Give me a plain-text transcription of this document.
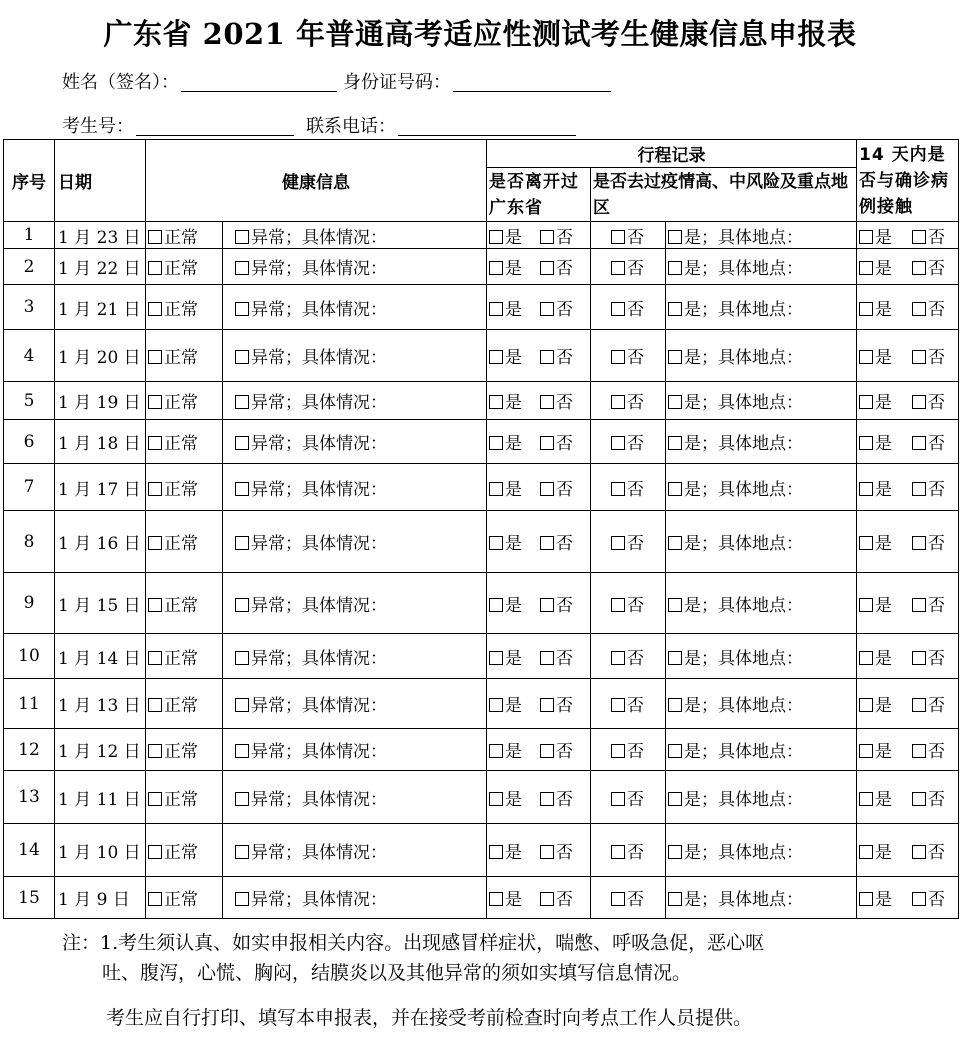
广东省 2021 年普通高考适应性测试考生健康信息申报表
姓名（签名）：	身份证号码：
考生号：	联系电话：
序号	日期	健康信息		行程记录			14 天内是否与确诊病例接触
				是否离开过广东省	是否去过疫情高、中风险及重点地区		
1	1 月 23 日	正常	异常；具体情况：	是 否	否	是；具体地点：	是 否
2	1 月 22 日	正常	异常；具体情况：	是 否	否	是；具体地点：	是 否
3	1 月 21 日	正常	异常；具体情况：	是 否	否	是；具体地点：	是 否
4	1 月 20 日	正常	异常；具体情况：	是 否	否	是；具体地点：	是 否
5	1 月 19 日	正常	异常；具体情况：	是 否	否	是；具体地点：	是 否
6	1 月 18 日	正常	异常；具体情况：	是 否	否	是；具体地点：	是 否
7	1 月 17 日	正常	异常；具体情况：	是 否	否	是；具体地点：	是 否
8	1 月 16 日	正常	异常；具体情况：	是 否	否	是；具体地点：	是 否
9	1 月 15 日	正常	异常；具体情况：	是 否	否	是；具体地点：	是 否
10	1 月 14 日	正常	异常；具体情况：	是 否	否	是；具体地点：	是 否
11	1 月 13 日	正常	异常；具体情况：	是 否	否	是；具体地点：	是 否
12	1 月 12 日	正常	异常；具体情况：	是 否	否	是；具体地点：	是 否
13	1 月 11 日	正常	异常；具体情况：	是 否	否	是；具体地点：	是 否
14	1 月 10 日	正常	异常；具体情况：	是 否	否	是；具体地点：	是 否
15	1 月 9 日	正常	异常；具体情况：	是 否	否	是；具体地点：	是 否
注：1.考生须认真、如实申报相关内容。出现感冒样症状，喘憋、呼吸急促，恶心呕
吐、腹泻，心慌、胸闷，结膜炎以及其他异常的须如实填写信息情况。
考生应自行打印、填写本申报表，并在接受考前检查时向考点工作人员提供。
